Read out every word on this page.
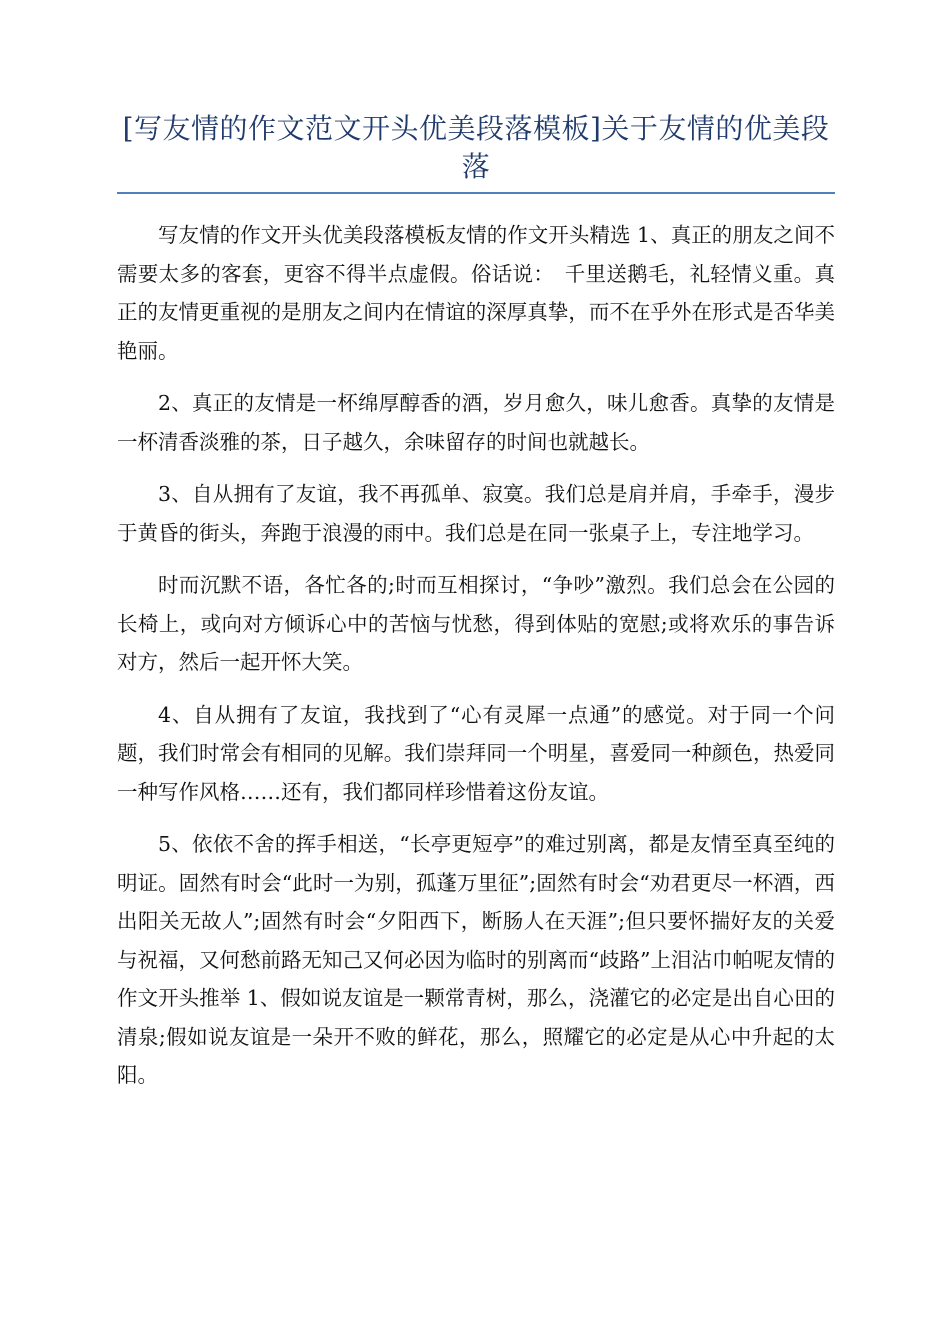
[写友情的作文范文开头优美段落模板]关于友情的优美段落

写友情的作文开头优美段落模板友情的作文开头精选 1、真正的朋友之间不需要太多的客套，更容不得半点虚假。俗话说：　千里送鹅毛，礼轻情义重。真正的友情更重视的是朋友之间内在情谊的深厚真挚，而不在乎外在形式是否华美艳丽。

2、真正的友情是一杯绵厚醇香的酒，岁月愈久，味儿愈香。真挚的友情是一杯清香淡雅的茶，日子越久，余味留存的时间也就越长。

3、自从拥有了友谊，我不再孤单、寂寞。我们总是肩并肩，手牵手，漫步于黄昏的街头，奔跑于浪漫的雨中。我们总是在同一张桌子上，专注地学习。

时而沉默不语，各忙各的;时而互相探讨，“争吵”激烈。我们总会在公园的长椅上，或向对方倾诉心中的苦恼与忧愁，得到体贴的宽慰;或将欢乐的事告诉对方，然后一起开怀大笑。

4、自从拥有了友谊，我找到了“心有灵犀一点通”的感觉。对于同一个问题，我们时常会有相同的见解。我们崇拜同一个明星，喜爱同一种颜色，热爱同一种写作风格……还有，我们都同样珍惜着这份友谊。

5、依依不舍的挥手相送，“长亭更短亭”的难过别离，都是友情至真至纯的明证。固然有时会“此时一为别，孤蓬万里征”;固然有时会“劝君更尽一杯酒，西出阳关无故人”;固然有时会“夕阳西下，断肠人在天涯”;但只要怀揣好友的关爱与祝福，又何愁前路无知己又何必因为临时的别离而“歧路”上泪沾巾帕呢友情的作文开头推举 1、假如说友谊是一颗常青树，那么，浇灌它的必定是出自心田的清泉;假如说友谊是一朵开不败的鲜花，那么，照耀它的必定是从心中升起的太阳。
